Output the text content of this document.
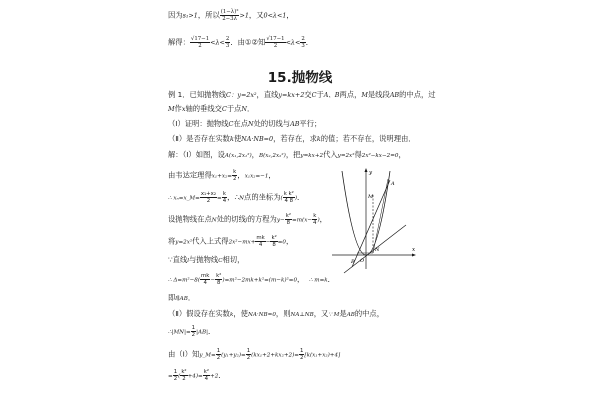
因为s₁>1，所以 $\frac{\text{(1−λ)²}}{2-3\lambda} >1$，又0<λ<1，
解得： $\frac{√17-1}{2} <\lambda< \frac{2}{3}$ ．由①②知 $\frac{√17-1}{2} <\lambda< \frac{2}{3}$ ．
15.抛物线
例 1．已知抛物线C：y=2x²，直线y=kx+2交C于A、B两点，M是线段AB的中点，过
M作x轴的垂线交C于点N．
（Ⅰ）证明：抛物线C在点N处的切线与AB平行；
（Ⅱ）是否存在实数k使NA·NB=0，若存在，求k的值；若不存在，说明理由．
解：（Ⅰ）如图，设A(x₁,2x₁²)，B(x₂,2x₂²)，把y=kx+2代入y=2x²得2x²−kx−2=0，
由韦达定理得$x_1+x_2= \frac{k}{2}$ ，x₁x₂=−1，
∴ xₙ=x_M= $\frac{\text{x₁+x₂}}{2} = \frac{k}{4}$ ，∴N点的坐标为( $\frac{\text{k k²}}{4 8}$ )．
设抛物线在点N处的切线l的方程为$y- \frac{\text{k²}}{8} =m(x- \frac{k}{4}$ )，
将y=2x²代入上式得$2x^2-mx+ \frac{mk}{4} - \frac{\text{k²}}{8} =0$，
∵直线l与抛物线C相切，
∴ $\Delta=m^2-8( \frac{mk}{4} - \frac{\text{k²}}{8} )=m^2-2mk+k^2=(m-k)^2=0$， ∴ m=k．
即l∥AB．
（Ⅱ）假设存在实数k，使NA·NB=0，则NA⊥NB，又∵ M是AB的中点，
∴|MN|= $\frac{1}{2} |AB|$．
由（Ⅰ）知y_M= $\frac{1}{2} (y_1+y_2)= \frac{1}{2} (kx_1+2+kx_2+2)= \frac{1}{2} [k(x_1+x_2)+4]$
= $\frac{1}{2}$ ( $\frac{\text{k²}}{2} +4)= \frac{\text{k²}}{4} +2$．
y
x
O
A
B
M
N
